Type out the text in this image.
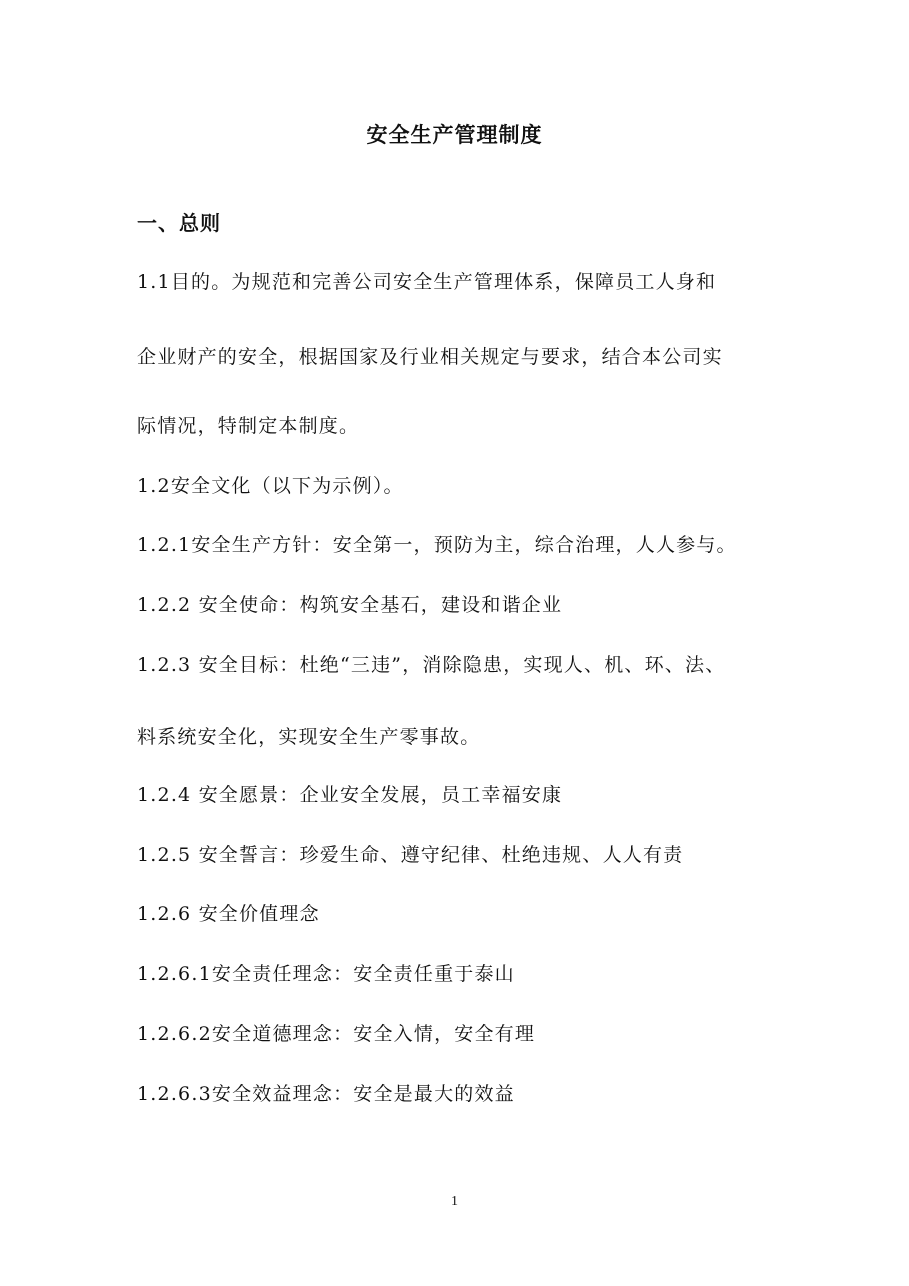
安全生产管理制度
一、总则
1.1目的。为规范和完善公司安全生产管理体系，保障员工人身和
企业财产的安全，根据国家及行业相关规定与要求，结合本公司实
际情况，特制定本制度。
1.2安全文化（以下为示例）。
1.2.1安全生产方针：安全第一，预防为主，综合治理，人人参与。
1.2.2 安全使命：构筑安全基石，建设和谐企业
1.2.3 安全目标：杜绝“三违”，消除隐患，实现人、机、环、法、
料系统安全化，实现安全生产零事故。
1.2.4 安全愿景：企业安全发展，员工幸福安康
1.2.5 安全誓言：珍爱生命、遵守纪律、杜绝违规、人人有责
1.2.6 安全价值理念
1.2.6.1安全责任理念：安全责任重于泰山
1.2.6.2安全道德理念：安全入情，安全有理
1.2.6.3安全效益理念：安全是最大的效益
1
